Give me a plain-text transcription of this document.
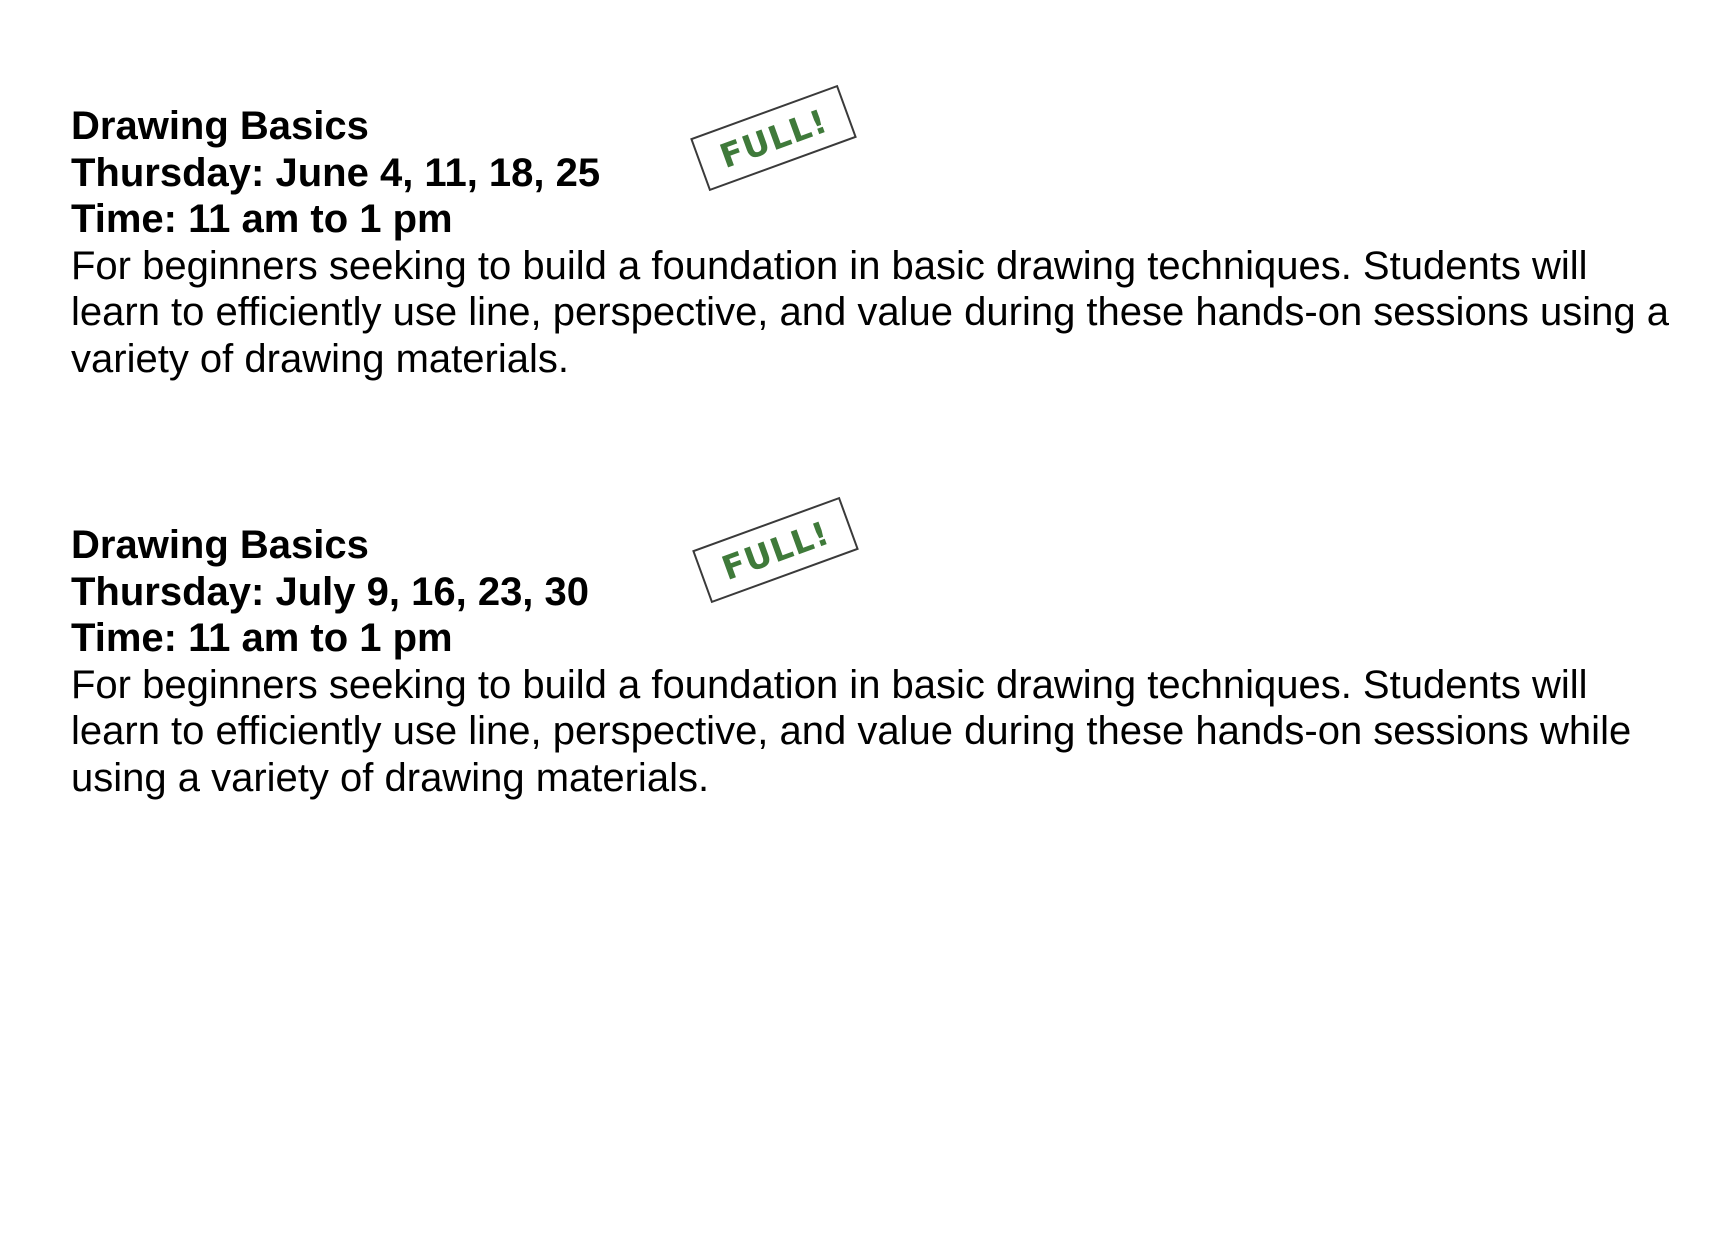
Drawing Basics
Thursday: June 4, 11, 18, 25
Time: 11 am to 1 pm
For beginners seeking to build a foundation in basic drawing techniques. Students will learn to efficiently use line, perspective, and value during these hands-on sessions using a variety of drawing materials.
FULL!
Drawing Basics
Thursday: July 9, 16, 23, 30
Time: 11 am to 1 pm
For beginners seeking to build a foundation in basic drawing techniques. Students will learn to efficiently use line, perspective, and value during these hands-on sessions while using a variety of drawing materials.
FULL!
